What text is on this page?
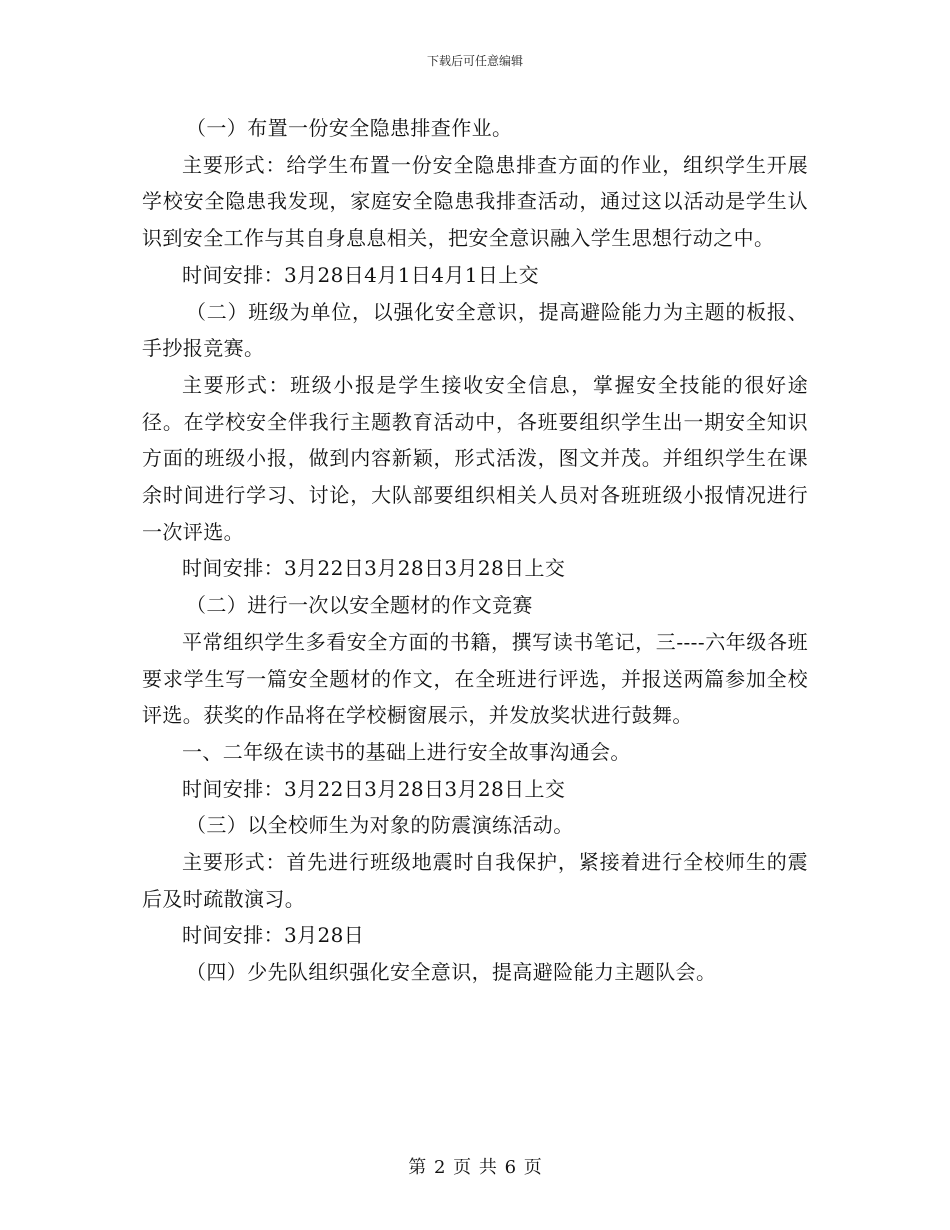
下载后可任意编辑

（一）布置一份安全隐患排查作业。

主要形式：给学生布置一份安全隐患排查方面的作业，组织学生开展学校安全隐患我发现，家庭安全隐患我排查活动，通过这以活动是学生认识到安全工作与其自身息息相关，把安全意识融入学生思想行动之中。

时间安排：3月28日4月1日4月1日上交

（二）班级为单位，以强化安全意识，提高避险能力为主题的板报、手抄报竞赛。

主要形式：班级小报是学生接收安全信息，掌握安全技能的很好途径。在学校安全伴我行主题教育活动中，各班要组织学生出一期安全知识方面的班级小报，做到内容新颖，形式活泼，图文并茂。并组织学生在课余时间进行学习、讨论，大队部要组织相关人员对各班班级小报情况进行一次评选。

时间安排：3月22日3月28日3月28日上交

（二）进行一次以安全题材的作文竞赛

平常组织学生多看安全方面的书籍，撰写读书笔记，三----六年级各班要求学生写一篇安全题材的作文，在全班进行评选，并报送两篇参加全校评选。获奖的作品将在学校橱窗展示，并发放奖状进行鼓舞。

一、二年级在读书的基础上进行安全故事沟通会。

时间安排：3月22日3月28日3月28日上交

（三）以全校师生为对象的防震演练活动。

主要形式：首先进行班级地震时自我保护，紧接着进行全校师生的震后及时疏散演习。

时间安排：3月28日

（四）少先队组织强化安全意识，提高避险能力主题队会。

第 2 页 共 6 页
